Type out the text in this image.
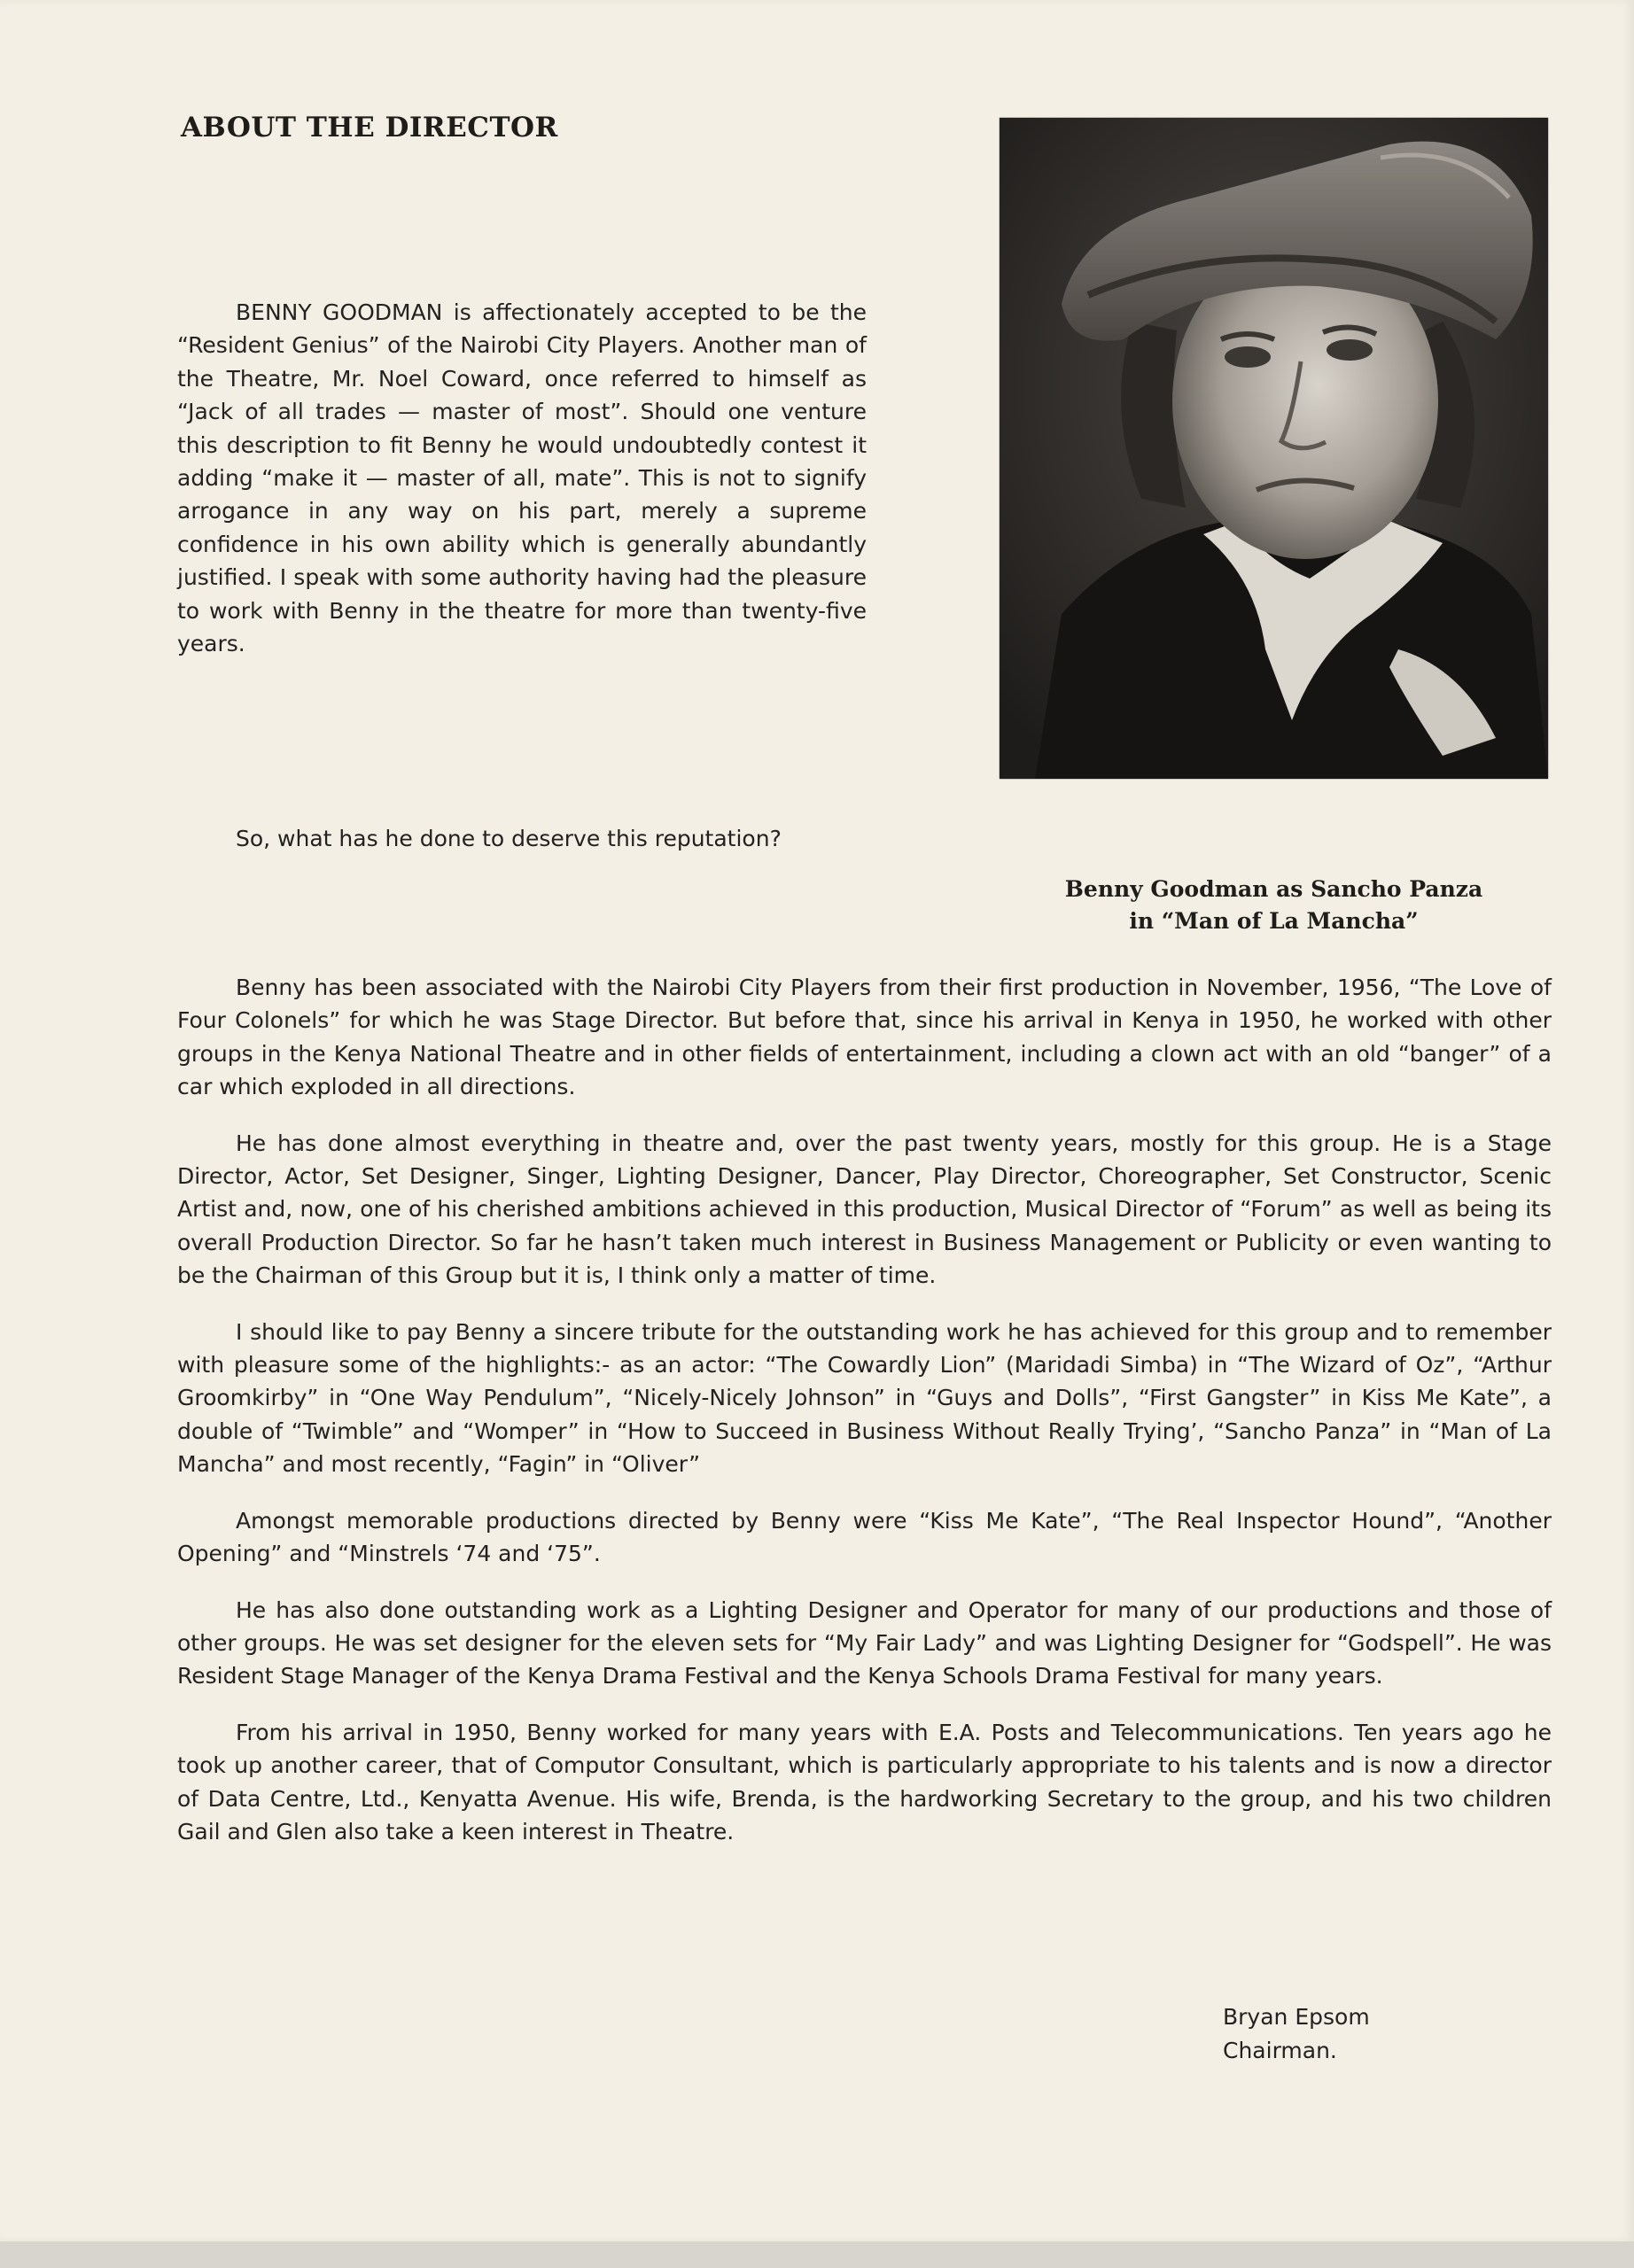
ABOUT THE DIRECTOR
BENNY GOODMAN is affectionately accepted to be the “Resident Genius” of the Nairobi City Players. Another man of the Theatre, Mr. Noel Coward, once referred to himself as “Jack of all trades — master of most”. Should one venture this description to fit Benny he would undoubtedly contest it adding “make it — master of all, mate”. This is not to signify arrogance in any way on his part, merely a supreme confidence in his own ability which is generally abundantly justified. I speak with some authority having had the pleasure to work with Benny in the theatre for more than twenty-five years.
Benny Goodman as Sancho Panza
in “Man of La Mancha”
So, what has he done to deserve this reputation?

Benny has been associated with the Nairobi City Players from their first production in November, 1956, “The Love of Four Colonels” for which he was Stage Director. But before that, since his arrival in Kenya in 1950, he worked with other groups in the Kenya National Theatre and in other fields of entertainment, including a clown act with an old “banger” of a car which exploded in all directions.

He has done almost everything in theatre and, over the past twenty years, mostly for this group. He is a Stage Director, Actor, Set Designer, Singer, Lighting Designer, Dancer, Play Director, Choreographer, Set Constructor, Scenic Artist and, now, one of his cherished ambitions achieved in this production, Musical Director of “Forum” as well as being its overall Production Director. So far he hasn’t taken much interest in Business Management or Publicity or even wanting to be the Chairman of this Group but it is, I think only a matter of time.

I should like to pay Benny a sincere tribute for the outstanding work he has achieved for this group and to remember with pleasure some of the highlights:- as an actor: “The Cowardly Lion” (Maridadi Simba) in “The Wizard of Oz”, “Arthur Groomkirby” in “One Way Pendulum”, “Nicely-Nicely Johnson” in “Guys and Dolls”, “First Gangster” in Kiss Me Kate”, a double of “Twimble” and “Womper” in “How to Succeed in Business Without Really Trying’, “Sancho Panza” in “Man of La Mancha” and most recently, “Fagin” in “Oliver”

Amongst memorable productions directed by Benny were “Kiss Me Kate”, “The Real Inspector Hound”, “Another Opening” and “Minstrels ‘74 and ‘75”.

He has also done outstanding work as a Lighting Designer and Operator for many of our productions and those of other groups. He was set designer for the eleven sets for “My Fair Lady” and was Lighting Designer for “Godspell”. He was Resident Stage Manager of the Kenya Drama Festival and the Kenya Schools Drama Festival for many years.

From his arrival in 1950, Benny worked for many years with E.A. Posts and Telecommunications. Ten years ago he took up another career, that of Computor Consultant, which is particularly appropriate to his talents and is now a director of Data Centre, Ltd., Kenyatta Avenue. His wife, Brenda, is the hardworking Secretary to the group, and his two children Gail and Glen also take a keen interest in Theatre.

Bryan Epsom
Chairman.
